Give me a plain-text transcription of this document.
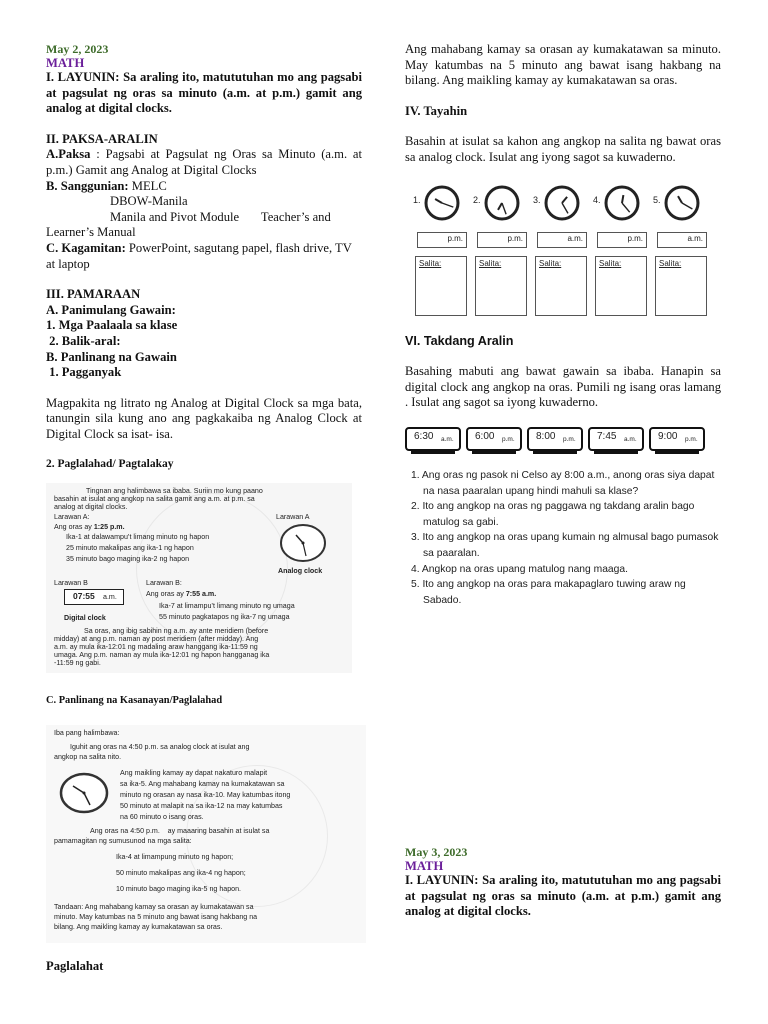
May 2, 2023

MATH

I. LAYUNIN: Sa araling ito, matututuhan mo ang pagsabi at pagsulat ng oras sa minuto (a.m. at p.m.) gamit ang analog at digital clocks.

II. PAKSA-ARALIN

A.Paksa : Pagsabi at Pagsulat ng Oras sa Minuto (a.m. at p.m.) Gamit ang Analog at Digital Clocks

B. Sanggunian: MELC

DBOW-Manila

Manila and Pivot Module       Teacher’s and Learner’s Manual

C. Kagamitan: PowerPoint, sagutang papel, flash drive, TV at laptop

III. PAMARAAN

A. Panimulang Gawain:

1. Mga Paalaala sa klase

2. Balik-aral:

B. Panlinang na Gawain

1. Pagganyak

Magpakita ng litrato ng Analog at Digital Clock sa mga bata, tanungin sila kung ano ang pagkakaiba ng Analog Clock at Digital Clock sa isat- isa.

2. Paglalahad/ Pagtalakay

Tingnan ang halimbawa sa ibaba. Suriin mo kung paano
basahin at isulat ang angkop na salita gamit ang a.m. at p.m. sa
analog at digital clocks.
Larawan A:	Larawan A
Ang oras ay 1:25 p.m.
Ika-1 at dalawampu’t limang minuto ng hapon
25 minuto makalipas ang ika-1 ng hapon
35 minuto bago maging ika-2 ng hapon
Analog clock
Larawan B	Larawan B:
07:55 a.m.	Ang oras ay 7:55 a.m.
Ika-7 at limampu’t limang minuto ng umaga
55 minuto pagkatapos ng ika-7 ng umaga
Digital clock
Sa oras, ang ibig sabihin ng a.m. ay ante meridiem (before
midday) at ang p.m. naman ay post meridiem (after midday). Ang
a.m. ay mula ika-12:01 ng madaling araw hanggang ika-11:59 ng
umaga. Ang p.m. naman ay mula ika-12:01 ng hapon hangganag ika
-11:59 ng gabi.

C. Panlinang na Kasanayan/Paglalahad

Iba pang halimbawa:
Iguhit ang oras na 4:50 p.m. sa analog clock at isulat ang
angkop na salita nito.
Ang maikling kamay ay dapat nakaturo malapit
sa ika-5. Ang mahabang kamay na kumakatawan sa
minuto ng orasan ay nasa ika-10. May katumbas itong
50 minuto at malapit na sa ika-12 na may katumbas
na 60 minuto o isang oras.
Ang oras na 4:50 p.m.    ay maaaring basahin at isulat sa
pamamagitan ng sumusunod na mga salita:
Ika-4 at limampung minuto ng hapon;
50 minuto makalipas ang ika-4 ng hapon;
10 minuto bago maging ika-5 ng hapon.
Tandaan: Ang mahabang kamay sa orasan ay kumakatawan sa
minuto. May katumbas na 5 minuto ang bawat isang hakbang na
bilang. Ang maikling kamay ay kumakatawan sa oras.

Paglalahat

Ang mahabang kamay sa orasan ay kumakatawan sa minuto. May katumbas na 5 minuto ang bawat isang hakbang na bilang. Ang maikling kamay ay kumakatawan sa oras.

IV. Tayahin

Basahin at isulat sa kahon ang angkop na salita ng bawat oras sa analog clock. Isulat ang iyong sagot sa kuwaderno.

1.
p.m.
Salita:
2.
p.m.
Salita:
3.
a.m.
Salita:
4.
p.m.
Salita:
5.
a.m.
Salita:

VI. Takdang Aralin

Basahing mabuti ang bawat gawain sa ibaba. Hanapin sa digital clock ang angkop na oras. Pumili ng isang oras lamang . Isulat ang sagot sa iyong kuwaderno.

6:30 a.m. 6:00 p.m. 8:00 p.m. 7:45 a.m. 9:00 p.m.
1. Ang oras ng pasok ni Celso ay 8:00 a.m., anong oras siya dapat
na nasa paaralan upang hindi mahuli sa klase?
2. Ito ang angkop na oras ng paggawa ng takdang aralin bago
matulog sa gabi.
3. Ito ang angkop na oras upang kumain ng almusal bago pumasok
sa paaralan.
4. Angkop na oras upang matulog nang maaga.
5. Ito ang angkop na oras para makapaglaro tuwing araw ng
Sabado.

May 3, 2023

MATH

I. LAYUNIN: Sa araling ito, matututuhan mo ang pagsabi at pagsulat ng oras sa minuto (a.m. at p.m.) gamit ang analog at digital clocks.
